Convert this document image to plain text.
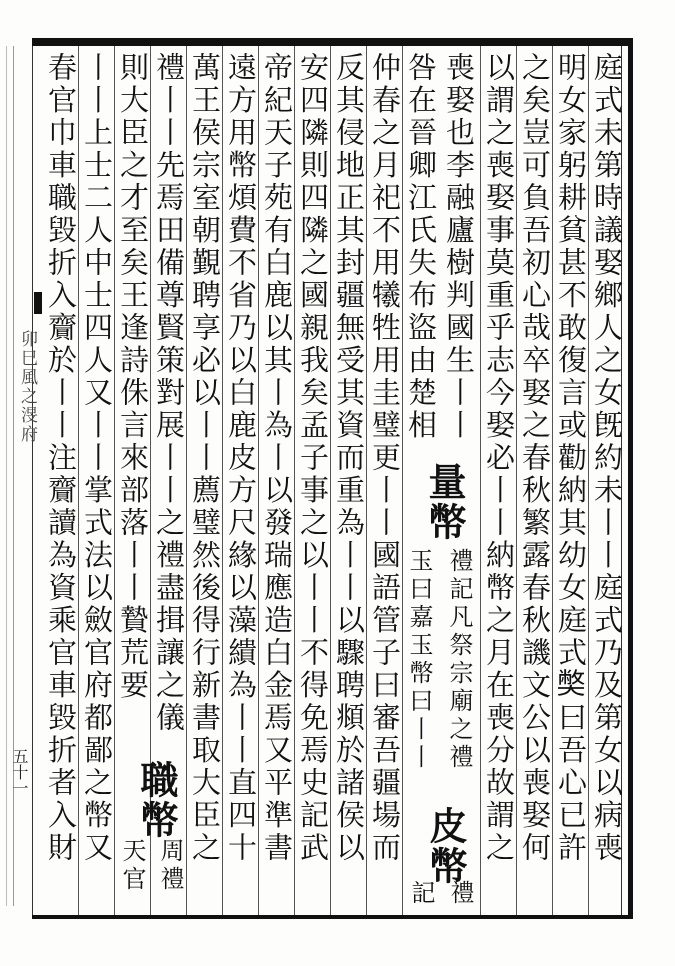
卯巳風之渂府
五十一	庭式未第時議娶鄉人之女旣約未丨丨庭式乃及第女以病喪
明女家躬耕貧甚不敢復言或勸納其幼女庭式𡚁曰吾心已許
之矣豈可負吾初心哉卒娶之春秋繁露春秋譏文公以喪娶何
以謂之喪娶事莫重乎志今娶必丨丨納幣之月在喪分故謂之
喪娶也李融廬樹判國生丨丨
咎在晉卿江氏失布盜由楚相
仲春之月祀不用犧牲用圭璧更丨丨國語管子曰審吾疆場而
反其侵地正其封疆無受其資而重為丨丨以驟聘頫於諸侯以
安四隣則四隣之國親我矣孟子事之以丨丨不得免焉史記武
帝紀天子苑有白鹿以其丨為丨以發瑞應造白金焉又平準書
遠方用幣煩費不省乃以白鹿皮方尺緣以藻繢為丨丨直四十
萬王侯宗室朝覲聘享必以丨丨薦璧然後得行新書取大臣之
禮丨丨先焉田備尊賢策對展丨丨之禮盡揖讓之儀
則大臣之才至矣王逢詩侏言來部落丨丨贄荒要
丨丨上士二人中士四人又丨丨掌式法以斂官府都鄙之幣又
春官巾車職毀折入齎於丨丨注齎讀為資乘官車毀折者入財	量幣
禮記凡祭宗廟之禮
玉曰嘉玉幣曰丨丨
皮幣
禮
記
職幣
周禮
天官
